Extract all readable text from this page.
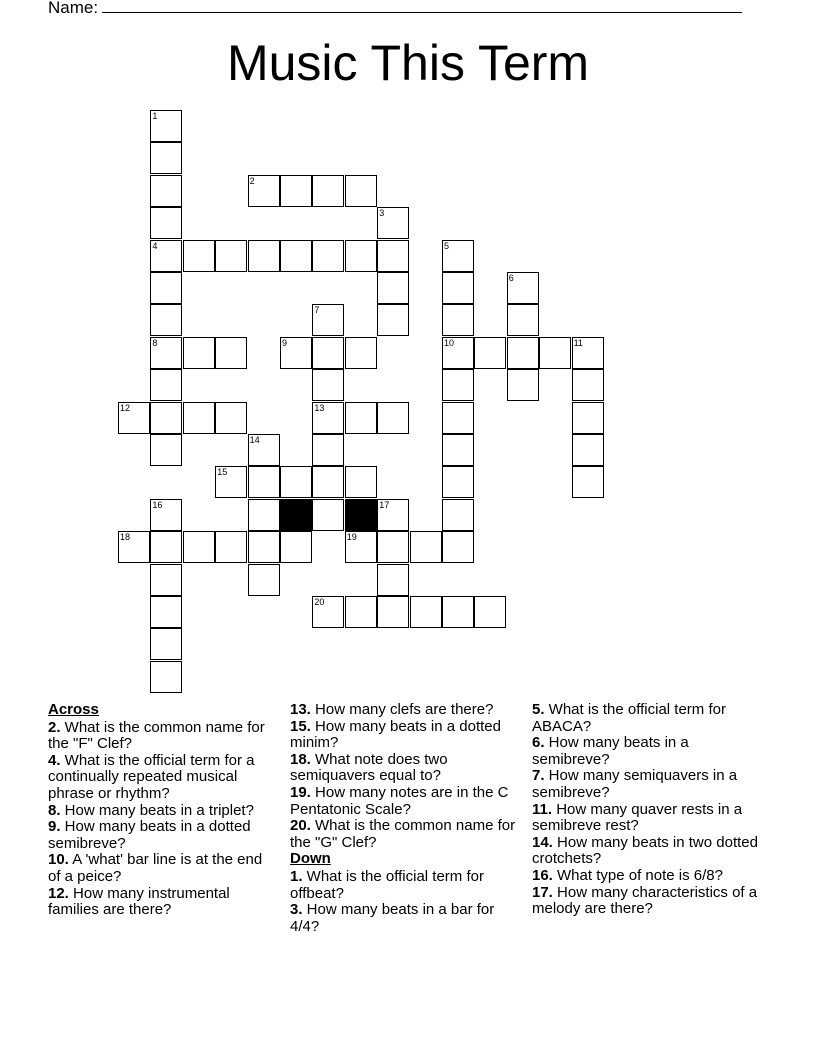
Name:
Music This Term
1
4
8
2
3
5
10
6
7
13
9	11
12
14
15
16	17
18	19
20
Across

2. What is the common name for the "F" Clef?

4. What is the official term for a continually repeated musical phrase or rhythm?

8. How many beats in a triplet?

9. How many beats in a dotted semibreve?

10. A 'what' bar line is at the end of a peice?

12. How many instrumental families are there?

13. How many clefs are there?

15. How many beats in a dotted minim?

18. What note does two semiquavers equal to?

19. How many notes are in the C Pentatonic Scale?

20. What is the common name for the "G" Clef?

Down

1. What is the official term for offbeat?

3. How many beats in a bar for 4/4?

5. What is the official term for ABACA?

6. How many beats in a semibreve?

7. How many semiquavers in a semibreve?

11. How many quaver rests in a semibreve rest?

14. How many beats in two dotted crotchets?

16. What type of note is 6/8?

17. How many characteristics of a melody are there?
